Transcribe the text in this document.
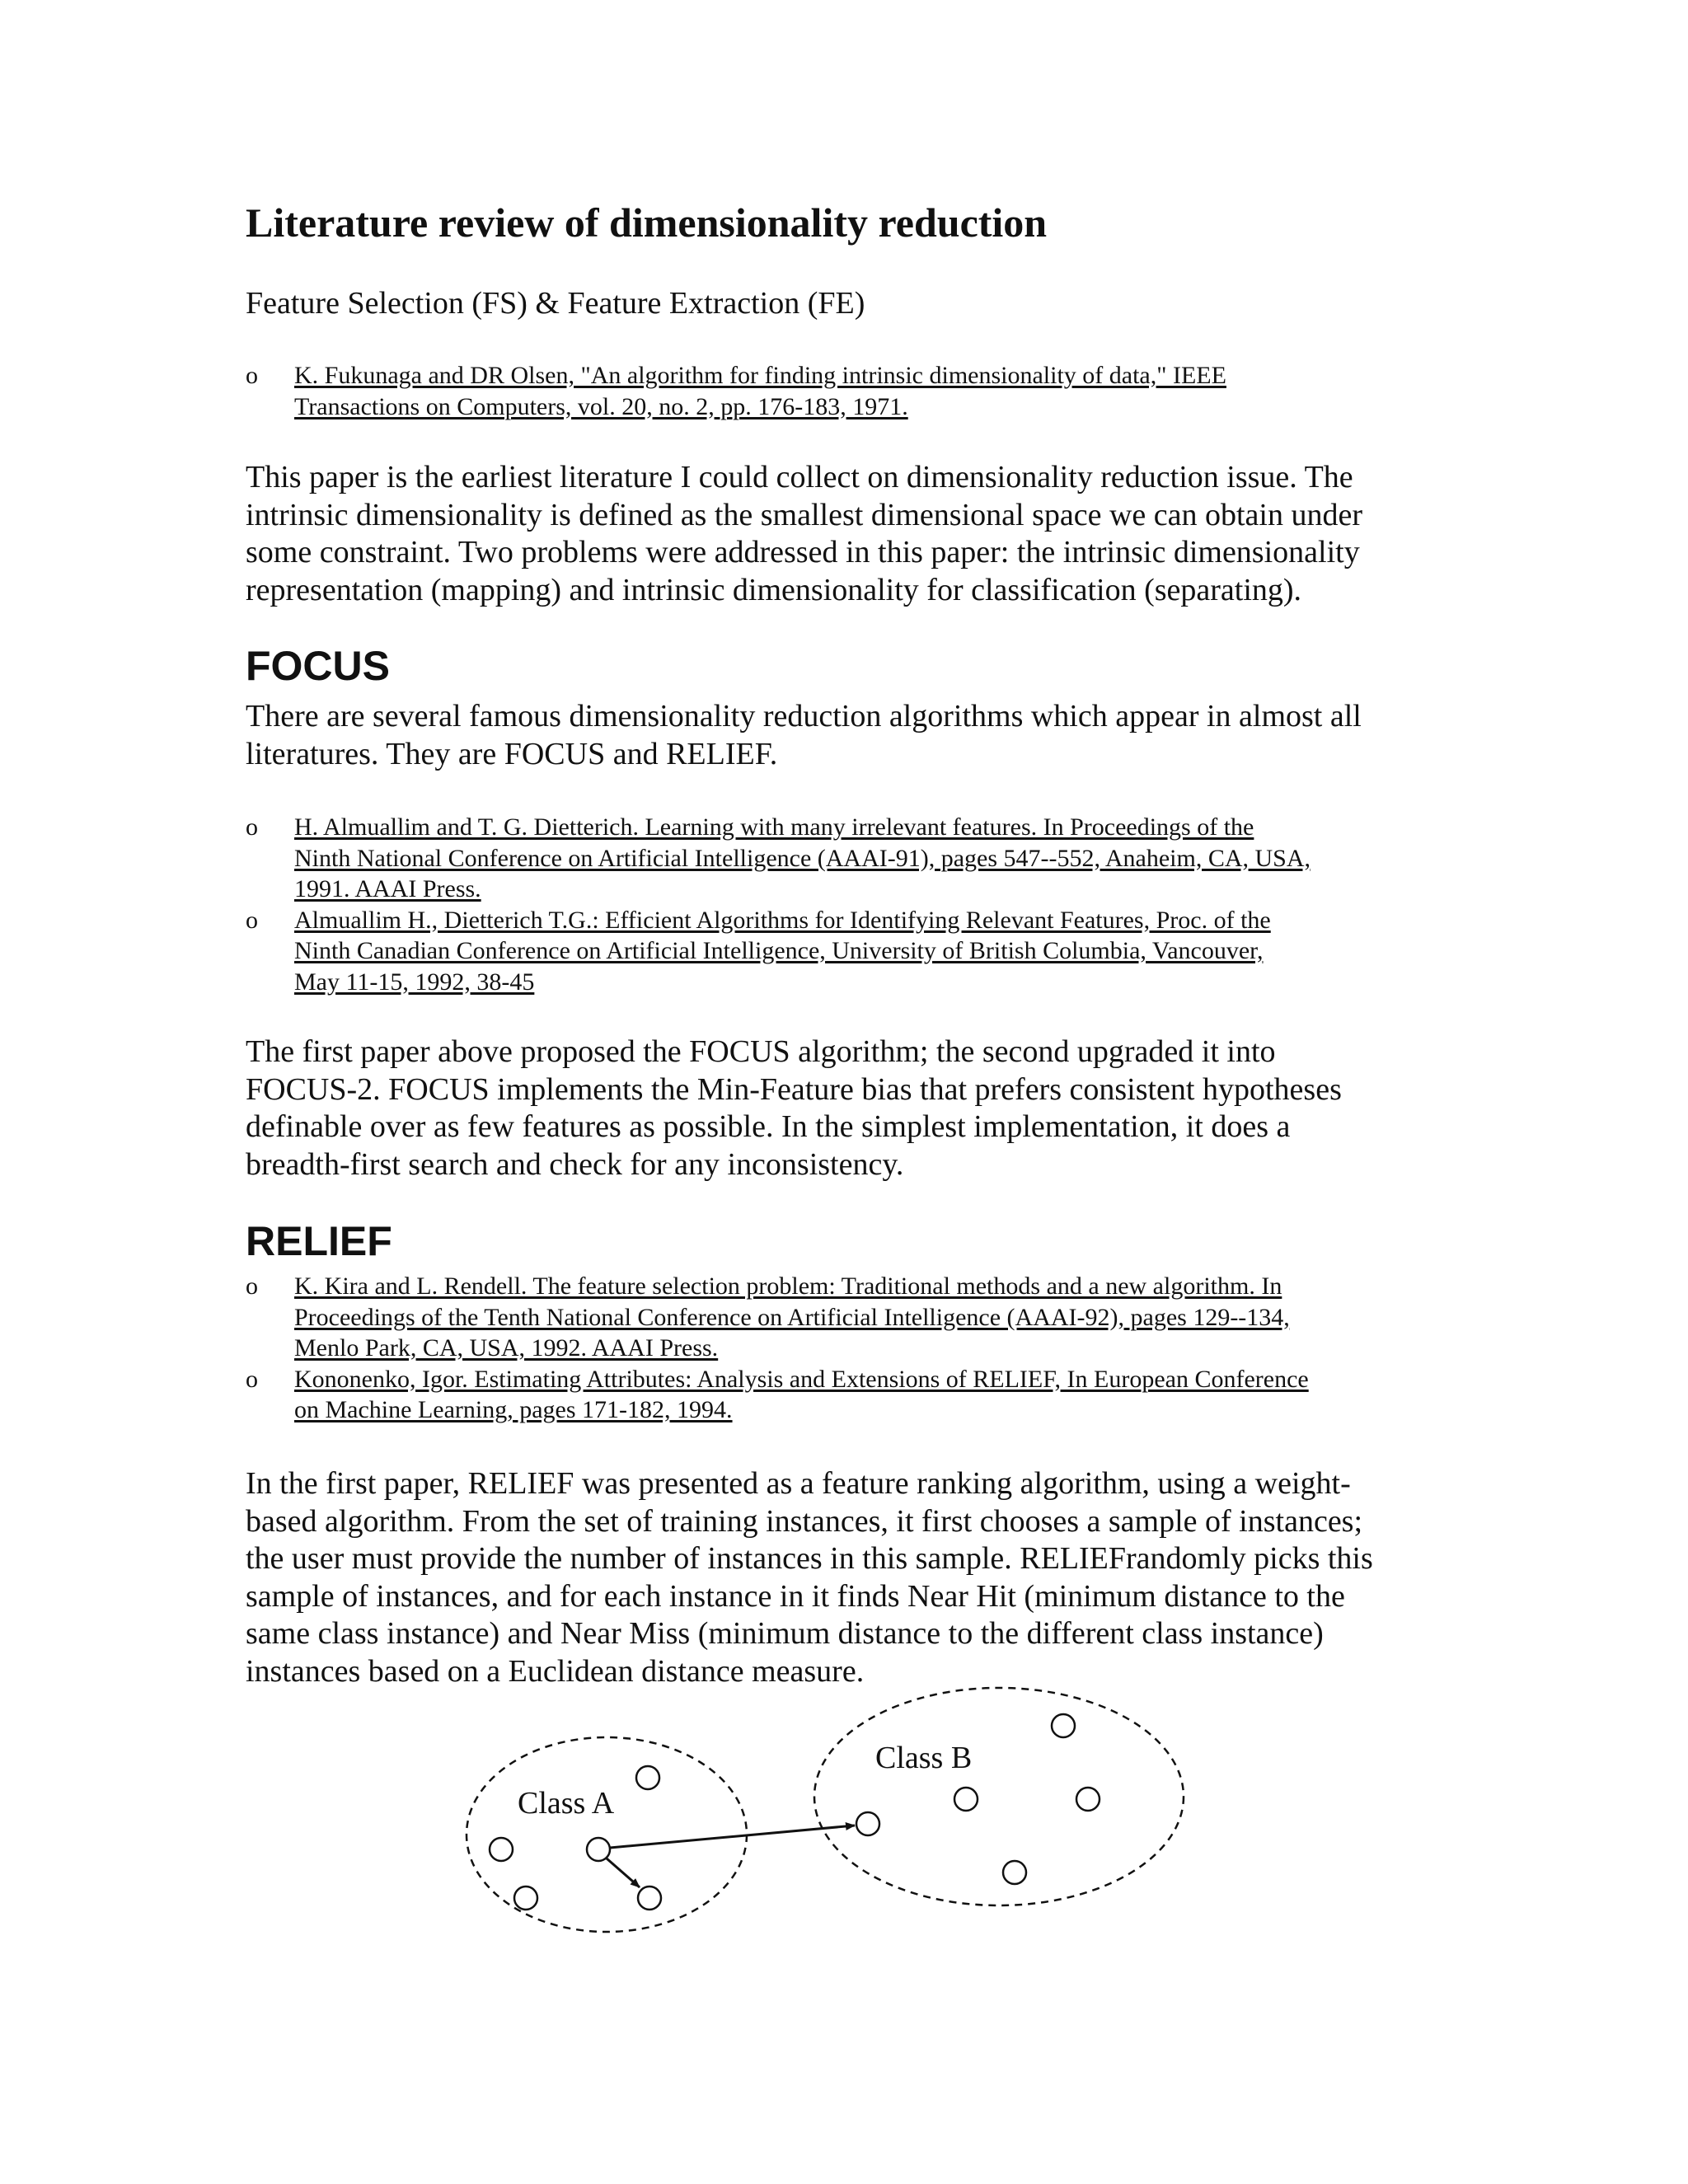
Literature review of dimensionality reduction

Feature Selection (FS) & Feature Extraction (FE)

o K. Fukunaga and DR Olsen, "An algorithm for finding intrinsic dimensionality of data," IEEE
Transactions on Computers, vol. 20, no. 2, pp. 176-183, 1971.

This paper is the earliest literature I could collect on dimensionality reduction issue. The
intrinsic dimensionality is defined as the smallest dimensional space we can obtain under
some constraint. Two problems were addressed in this paper: the intrinsic dimensionality
representation (mapping) and intrinsic dimensionality for classification (separating).

FOCUS

There are several famous dimensionality reduction algorithms which appear in almost all
literatures. They are FOCUS and RELIEF.

o H. Almuallim and T. G. Dietterich. Learning with many irrelevant features. In Proceedings of the
Ninth National Conference on Artificial Intelligence (AAAI-91), pages 547--552, Anaheim, CA, USA,
1991. AAAI Press.
o Almuallim H., Dietterich T.G.: Efficient Algorithms for Identifying Relevant Features, Proc. of the
Ninth Canadian Conference on Artificial Intelligence, University of British Columbia, Vancouver,
May 11-15, 1992, 38-45

The first paper above proposed the FOCUS algorithm; the second upgraded it into
FOCUS-2. FOCUS implements the Min-Feature bias that prefers consistent hypotheses
definable over as few features as possible. In the simplest implementation, it does a
breadth-first search and check for any inconsistency.

RELIEF
o K. Kira and L. Rendell. The feature selection problem: Traditional methods and a new algorithm. In
Proceedings of the Tenth National Conference on Artificial Intelligence (AAAI-92), pages 129--134,
Menlo Park, CA, USA, 1992. AAAI Press.
o Kononenko, Igor. Estimating Attributes: Analysis and Extensions of RELIEF, In European Conference
on Machine Learning, pages 171-182, 1994.

In the first paper, RELIEF was presented as a feature ranking algorithm, using a weight-
based algorithm. From the set of training instances, it first chooses a sample of instances;
the user must provide the number of instances in this sample. RELIEFrandomly picks this
sample of instances, and for each instance in it finds Near Hit (minimum distance to the
same class instance) and Near Miss (minimum distance to the different class instance)
instances based on a Euclidean distance measure.

Class A
Class B
